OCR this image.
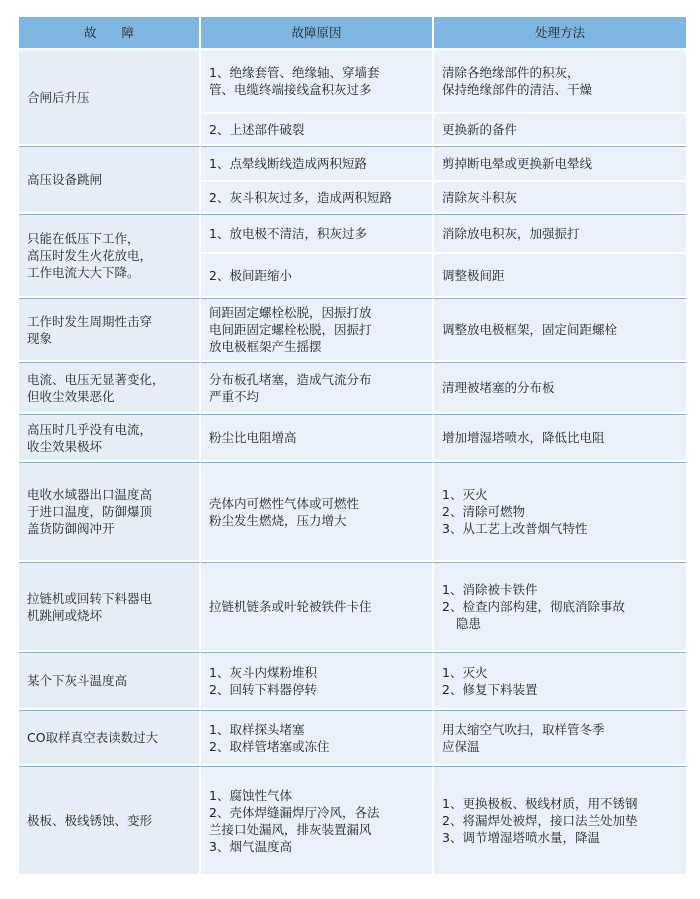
故　　障	故障原因	处理方法
合闸后升压	1、绝缘套管、绝缘轴、穿墙套
管、电缆终端接线盒积灰过多	清除各绝缘部件的积灰，
保持绝缘部件的清洁、干燥

	2、上述部件破裂	更换新的备件
高压设备跳闸	1、点晕线断线造成两积短路	剪掉断电晕或更换新电晕线
	2、灰斗积灰过多，造成两积短路	清除灰斗积灰

只能在低压下工作，
高压时发生火花放电，
工作电流大大下降。	1、放电极不清洁，积灰过多	消除放电积灰，加强振打
	2、极间距缩小	调整极间距

工作时发生周期性击穿
现象	间距固定螺栓松脱，因振打放
电间距固定螺栓松脱，因振打
放电极框架产生摇摆	调整放电极框架，固定间距螺栓

电流、电压无显著变化，
但收尘效果恶化	分布板孔堵塞，造成气流分布
严重不均	清理被堵塞的分布板

高压时几乎没有电流，
收尘效果极坏	粉尘比电阻增高	增加增湿塔喷水，降低比电阻

电收水域器出口温度高
于进口温度，防御爆顶
盖货防御阀冲开	壳体内可燃性气体或可燃性
粉尘发生燃烧，压力增大	1、灭火
2、清除可燃物
3、从工艺上改普烟气特性

拉链机或回转下料器电
机跳闸或烧坏	拉链机链条或叶轮被铁件卡住	1、消除被卡铁件
2、检查内部构建，彻底消除事故
隐患

某个下灰斗温度高	1、灰斗内煤粉堆积
2、回转下料器停转	1、灭火
2、修复下料装置

CO取样真空表读数过大	1、取样探头堵塞
2、取样管堵塞或冻住	用太缩空气吹扫，取样管冬季
应保温

极板、极线锈蚀、变形	1、腐蚀性气体
2、壳体焊缝漏焊厅冷风，各法
兰接口处漏风，排灰装置漏风
3、烟气温度高	1、更换极板、极线材质，用不锈钢
2、将漏焊处被焊，接口法兰处加垫
3、调节增湿塔喷水量，降温
